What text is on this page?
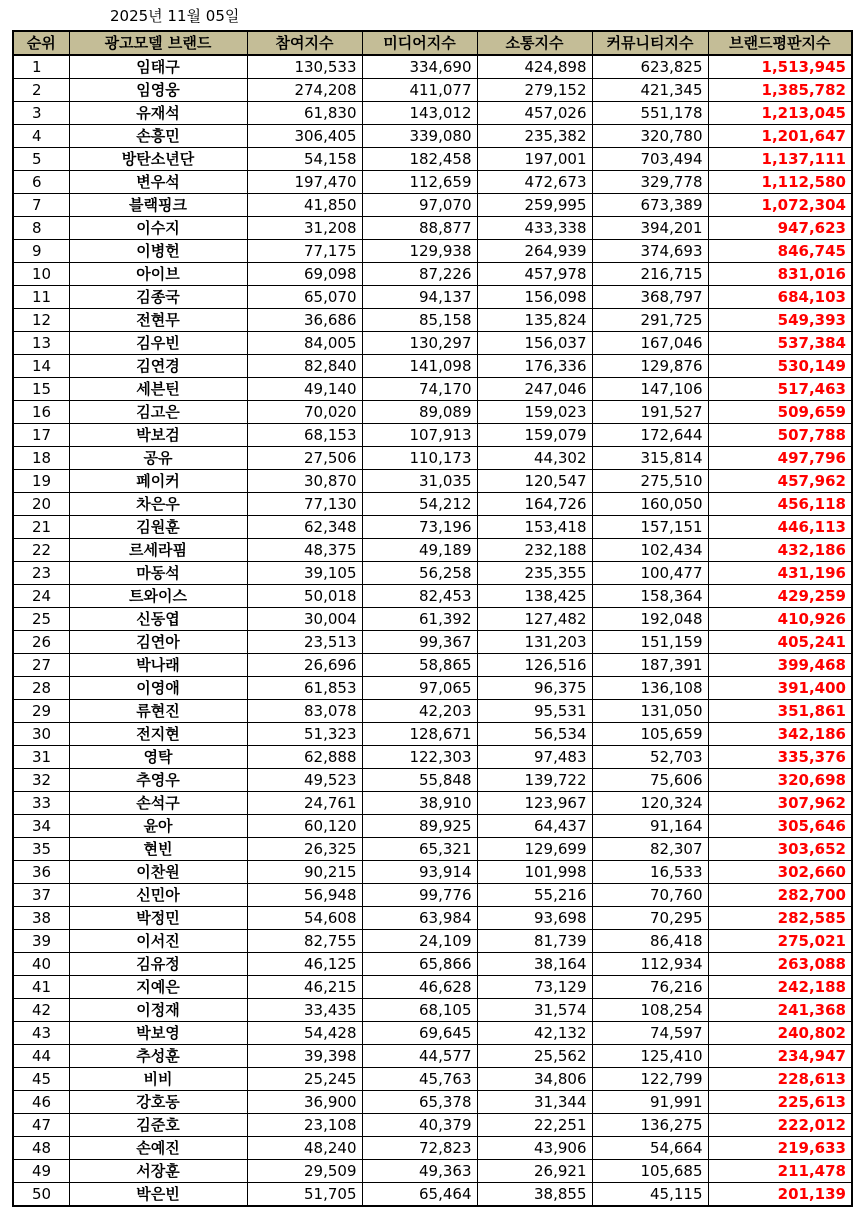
2025년 11월 05일
순위	광고모델 브랜드	참여지수	미디어지수	소통지수	커뮤니티지수	브랜드평판지수
1	임태구	130,533	334,690	424,898	623,825	1,513,945
2	임영웅	274,208	411,077	279,152	421,345	1,385,782
3	유재석	61,830	143,012	457,026	551,178	1,213,045
4	손흥민	306,405	339,080	235,382	320,780	1,201,647
5	방탄소년단	54,158	182,458	197,001	703,494	1,137,111
6	변우석	197,470	112,659	472,673	329,778	1,112,580
7	블랙핑크	41,850	97,070	259,995	673,389	1,072,304
8	이수지	31,208	88,877	433,338	394,201	947,623
9	이병헌	77,175	129,938	264,939	374,693	846,745
10	아이브	69,098	87,226	457,978	216,715	831,016
11	김종국	65,070	94,137	156,098	368,797	684,103
12	전현무	36,686	85,158	135,824	291,725	549,393
13	김우빈	84,005	130,297	156,037	167,046	537,384
14	김연경	82,840	141,098	176,336	129,876	530,149
15	세븐틴	49,140	74,170	247,046	147,106	517,463
16	김고은	70,020	89,089	159,023	191,527	509,659
17	박보검	68,153	107,913	159,079	172,644	507,788
18	공유	27,506	110,173	44,302	315,814	497,796
19	페이커	30,870	31,035	120,547	275,510	457,962
20	차은우	77,130	54,212	164,726	160,050	456,118
21	김원훈	62,348	73,196	153,418	157,151	446,113
22	르세라핌	48,375	49,189	232,188	102,434	432,186
23	마동석	39,105	56,258	235,355	100,477	431,196
24	트와이스	50,018	82,453	138,425	158,364	429,259
25	신동엽	30,004	61,392	127,482	192,048	410,926
26	김연아	23,513	99,367	131,203	151,159	405,241
27	박나래	26,696	58,865	126,516	187,391	399,468
28	이영애	61,853	97,065	96,375	136,108	391,400
29	류현진	83,078	42,203	95,531	131,050	351,861
30	전지현	51,323	128,671	56,534	105,659	342,186
31	영탁	62,888	122,303	97,483	52,703	335,376
32	추영우	49,523	55,848	139,722	75,606	320,698
33	손석구	24,761	38,910	123,967	120,324	307,962
34	윤아	60,120	89,925	64,437	91,164	305,646
35	현빈	26,325	65,321	129,699	82,307	303,652
36	이찬원	90,215	93,914	101,998	16,533	302,660
37	신민아	56,948	99,776	55,216	70,760	282,700
38	박정민	54,608	63,984	93,698	70,295	282,585
39	이서진	82,755	24,109	81,739	86,418	275,021
40	김유정	46,125	65,866	38,164	112,934	263,088
41	지예은	46,215	46,628	73,129	76,216	242,188
42	이정재	33,435	68,105	31,574	108,254	241,368
43	박보영	54,428	69,645	42,132	74,597	240,802
44	추성훈	39,398	44,577	25,562	125,410	234,947
45	비비	25,245	45,763	34,806	122,799	228,613
46	강호동	36,900	65,378	31,344	91,991	225,613
47	김준호	23,108	40,379	22,251	136,275	222,012
48	손예진	48,240	72,823	43,906	54,664	219,633
49	서장훈	29,509	49,363	26,921	105,685	211,478
50	박은빈	51,705	65,464	38,855	45,115	201,139
